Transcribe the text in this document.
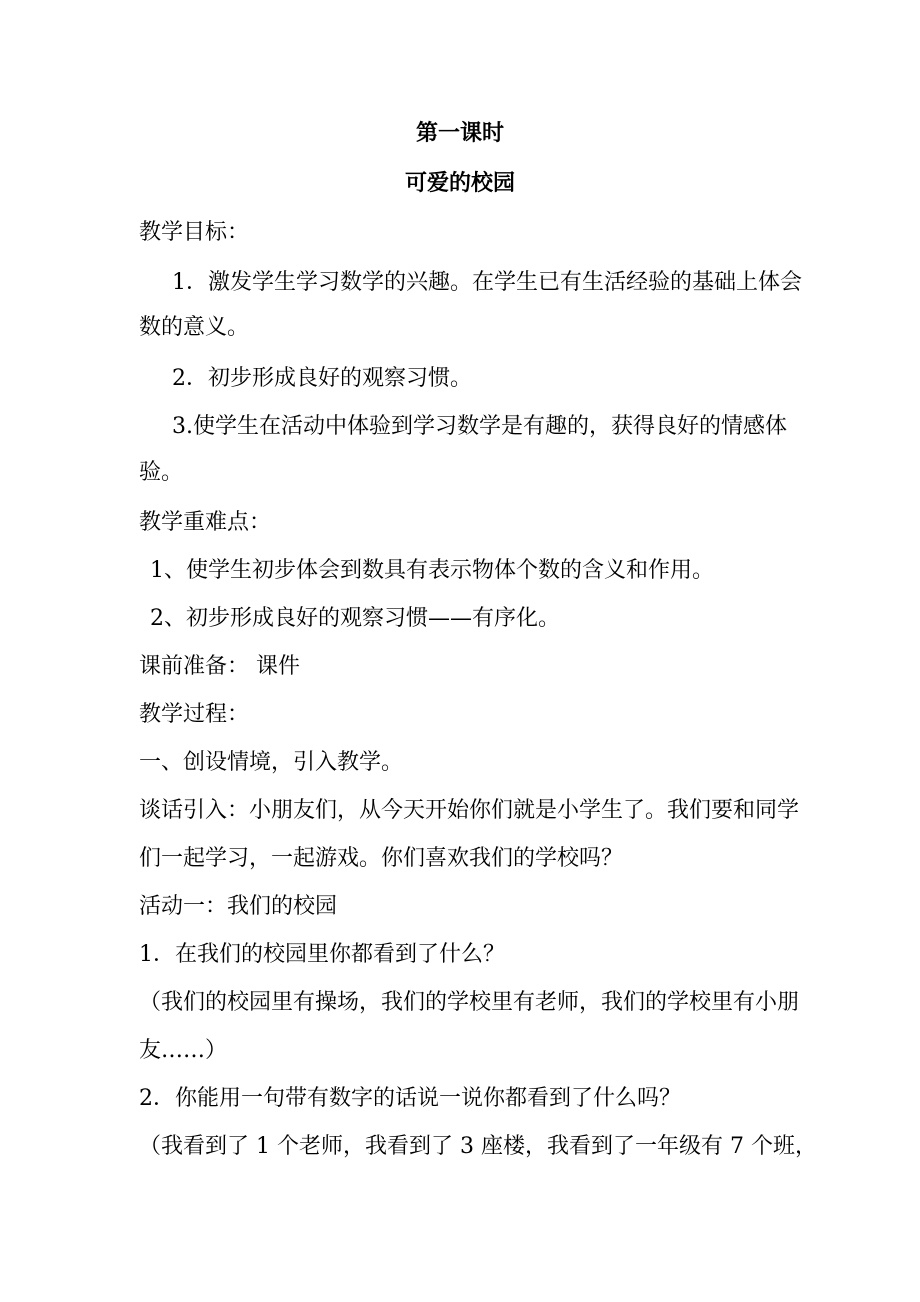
第一课时
可爱的校园
教学目标：
1．激发学生学习数学的兴趣。在学生已有生活经验的基础上体会
数的意义。
2．初步形成良好的观察习惯。
3.使学生在活动中体验到学习数学是有趣的，获得良好的情感体
验。
教学重难点：
1、使学生初步体会到数具有表示物体个数的含义和作用。
2、初步形成良好的观察习惯——有序化。
课前准备： 课件
教学过程：
一、创设情境，引入教学。
谈话引入：小朋友们，从今天开始你们就是小学生了。我们要和同学
们一起学习，一起游戏。你们喜欢我们的学校吗？
活动一：我们的校园
1．在我们的校园里你都看到了什么？
（我们的校园里有操场，我们的学校里有老师，我们的学校里有小朋
友……）
2．你能用一句带有数字的话说一说你都看到了什么吗？
（我看到了 1 个老师，我看到了 3 座楼，我看到了一年级有 7 个班，
